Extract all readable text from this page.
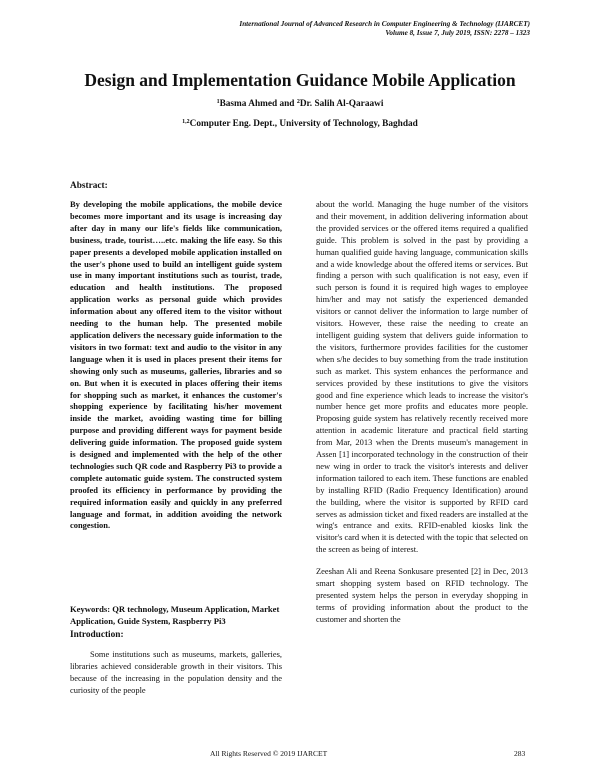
International Journal of Advanced Research in Computer Engineering & Technology (IJARCET)
Volume 8, Issue 7, July 2019, ISSN: 2278 – 1323
Design and Implementation Guidance Mobile Application
$^1$Basma Ahmed and $^2$Dr. Salih Al-Qaraawi
$^{1,2}$Computer Eng. Dept., University of Technology, Baghdad
Abstract:
By developing the mobile applications, the mobile device becomes more important and its usage is increasing day after day in many our life's fields like communication, business, trade, tourist…..etc. making the life easy. So this paper presents a developed mobile application installed on the user's phone used to build an intelligent guide system use in many important institutions such as tourist, trade, education and health institutions. The proposed application works as personal guide which provides information about any offered item to the visitor without needing to the human help. The presented mobile application delivers the necessary guide information to the visitors in two format: text and audio to the visitor in any language when it is used in places present their items for showing only such as museums, galleries, libraries and so on. But when it is executed in places offering their items for shopping such as market, it enhances the customer's shopping experience by facilitating his/her movement inside the market, avoiding wasting time for billing purpose and providing different ways for payment beside delivering guide information. The proposed guide system is designed and implemented with the help of the other technologies such QR code and Raspberry Pi3 to provide a complete automatic guide system. The constructed system proofed its efficiency in performance by providing the required information easily and quickly in any preferred language and format, in addition avoiding the network congestion.
Keywords: QR technology, Museum Application, Market Application, Guide System, Raspberry Pi3
Introduction:
Some institutions such as museums, markets, galleries, libraries achieved considerable growth in their visitors. This because of the increasing in the population density and the curiosity of the people

about the world. Managing the huge number of the visitors and their movement, in addition delivering information about the provided services or the offered items required a qualified guide. This problem is solved in the past by providing a human qualified guide having language, communication skills and a wide knowledge about the offered items or services. But finding a person with such qualification is not easy, even if such person is found it is required high wages to employee him/her and may not satisfy the experienced demanded visitors or cannot deliver the information to large number of visitors. However, these raise the needing to create an intelligent guiding system that delivers guide information to the visitors, furthermore provides facilities for the customer when s/he decides to buy something from the trade institution such as market. This system enhances the performance and services provided by these institutions to give the visitors good and fine experience which leads to increase the visitor's number hence get more profits and educates more people. Proposing guide system has relatively recently received more attention in academic literature and practical field starting from Mar, 2013 when the Drents museum's management in Assen [1] incorporated technology in the construction of their new wing in order to track the visitor's interests and deliver information tailored to each item. These functions are enabled by installing RFID (Radio Frequency Identification) around the building, where the visitor is supported by RFID card serves as admission ticket and fixed readers are installed at the wing's entrance and exits. RFID-enabled kiosks link the visitor's card when it is detected with the topic that selected on the screen as being of interest.

Zeeshan Ali and Reena Sonkusare presented [2] in Dec, 2013 smart shopping system based on RFID technology. The presented system helps the person in everyday shopping in terms of providing information about the product to the customer and shorten the

All Rights Reserved © 2019 IJARCET	283
